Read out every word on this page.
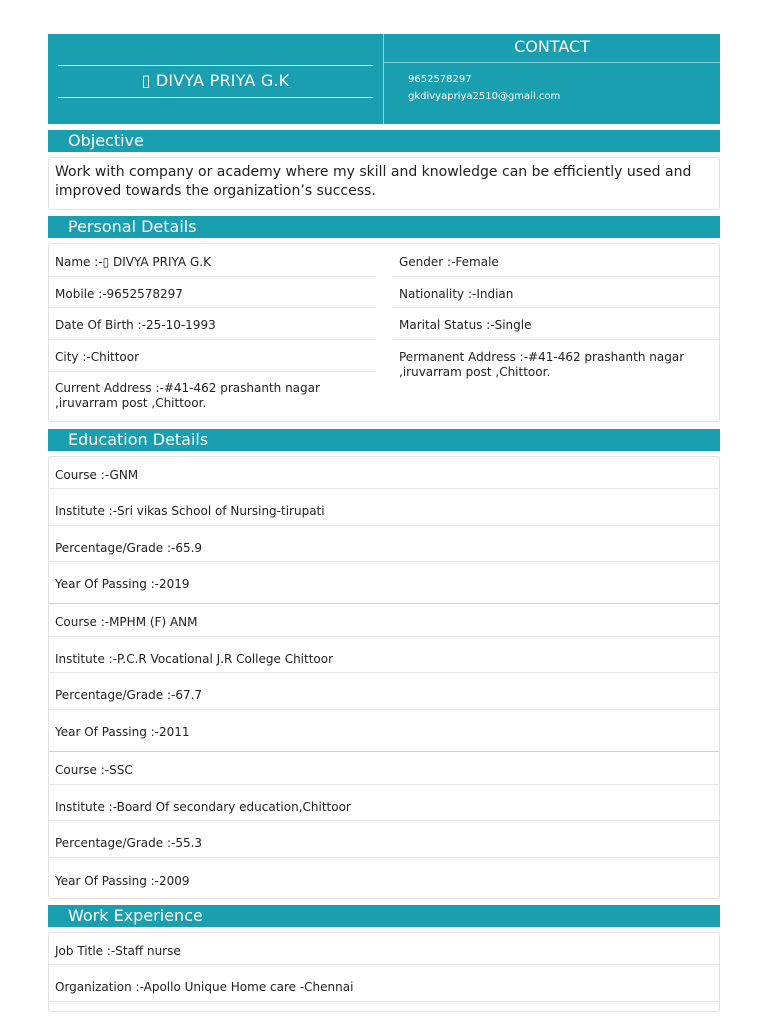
▯ DIVYA PRIYA G.K
CONTACT
9652578297
gkdivyapriya2510@gmail.com
Objective
Work with company or academy where my skill and knowledge can be efficiently used and improved towards the organization’s success.
Personal Details
Name :-▯ DIVYA PRIYA G.K	Gender :-Female
Mobile :-9652578297	Nationality :-Indian
Date Of Birth :-25-10-1993	Marital Status :-Single
City :-Chittoor	Permanent Address :-#41-462 prashanth nagar ,iruvarram post ,Chittoor.
Current Address :-#41-462 prashanth nagar ,iruvarram post ,Chittoor.
Education Details
Course :-GNM
Institute :-Sri vikas School of Nursing-tirupati
Percentage/Grade :-65.9
Year Of Passing :-2019
Course :-MPHM (F) ANM
Institute :-P.C.R Vocational J.R College Chittoor
Percentage/Grade :-67.7
Year Of Passing :-2011
Course :-SSC
Institute :-Board Of secondary education,Chittoor
Percentage/Grade :-55.3
Year Of Passing :-2009
Work Experience
Job Title :-Staff nurse
Organization :-Apollo Unique Home care -Chennai
